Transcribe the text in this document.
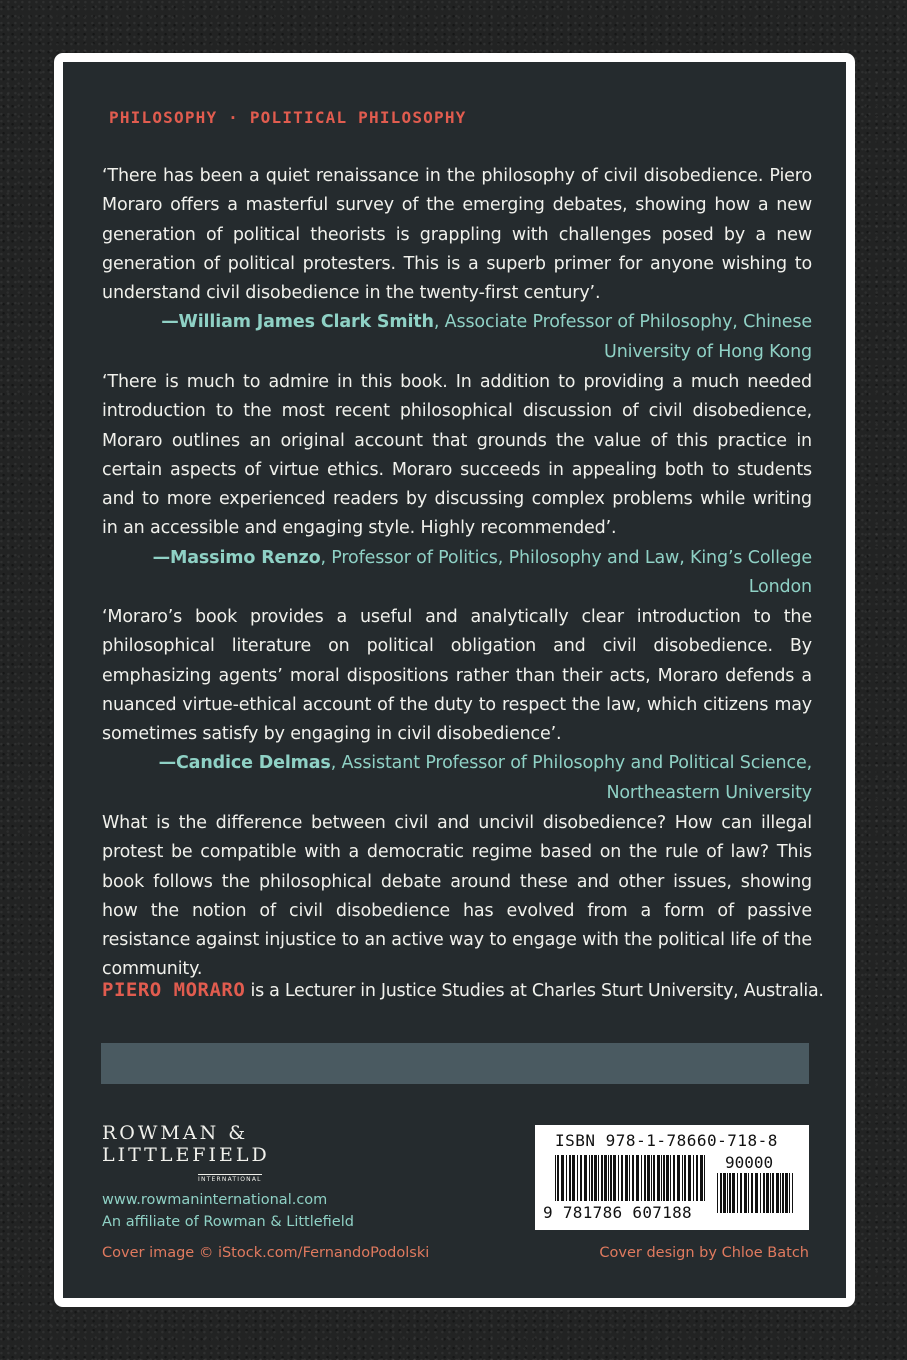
PHILOSOPHY · POLITICAL PHILOSOPHY
‘There has been a quiet renaissance in the philosophy of civil disobedience. Piero Moraro offers a masterful survey of the emerging debates, showing how a new generation of political theorists is grappling with challenges posed by a new generation of political protesters. This is a superb primer for anyone wishing to understand civil disobedience in the twenty-first century’.
—William James Clark Smith, Associate Professor of Philosophy, Chinese University of Hong Kong
‘There is much to admire in this book. In addition to providing a much needed introduction to the most recent philosophical discussion of civil disobedience, Moraro outlines an original account that grounds the value of this practice in certain aspects of virtue ethics. Moraro succeeds in appealing both to students and to more experienced readers by discussing complex problems while writing in an accessible and engaging style. Highly recommended’.
—Massimo Renzo, Professor of Politics, Philosophy and Law, King’s College London
‘Moraro’s book provides a useful and analytically clear introduction to the philosophical literature on political obligation and civil disobedience. By emphasizing agents’ moral dispositions rather than their acts, Moraro defends a nuanced virtue-ethical account of the duty to respect the law, which citizens may sometimes satisfy by engaging in civil disobedience’.
—Candice Delmas, Assistant Professor of Philosophy and Political Science, Northeastern University
What is the difference between civil and uncivil disobedience? How can illegal protest be compatible with a democratic regime based on the rule of law? This book follows the philosophical debate around these and other issues, showing how the notion of civil disobedience has evolved from a form of passive resistance against injustice to an active way to engage with the political life of the community.
PIERO MORARO is a Lecturer in Justice Studies at Charles Sturt University, Australia.
ROWMAN &
LITTLEFIELD
INTERNATIONAL
www.rowmaninternational.com
An affiliate of Rowman & Littlefield
Cover image © iStock.com/FernandoPodolski	Cover design by Chloe Batch
ISBN 978-1-78660-718-8
90000
9 781786 607188
